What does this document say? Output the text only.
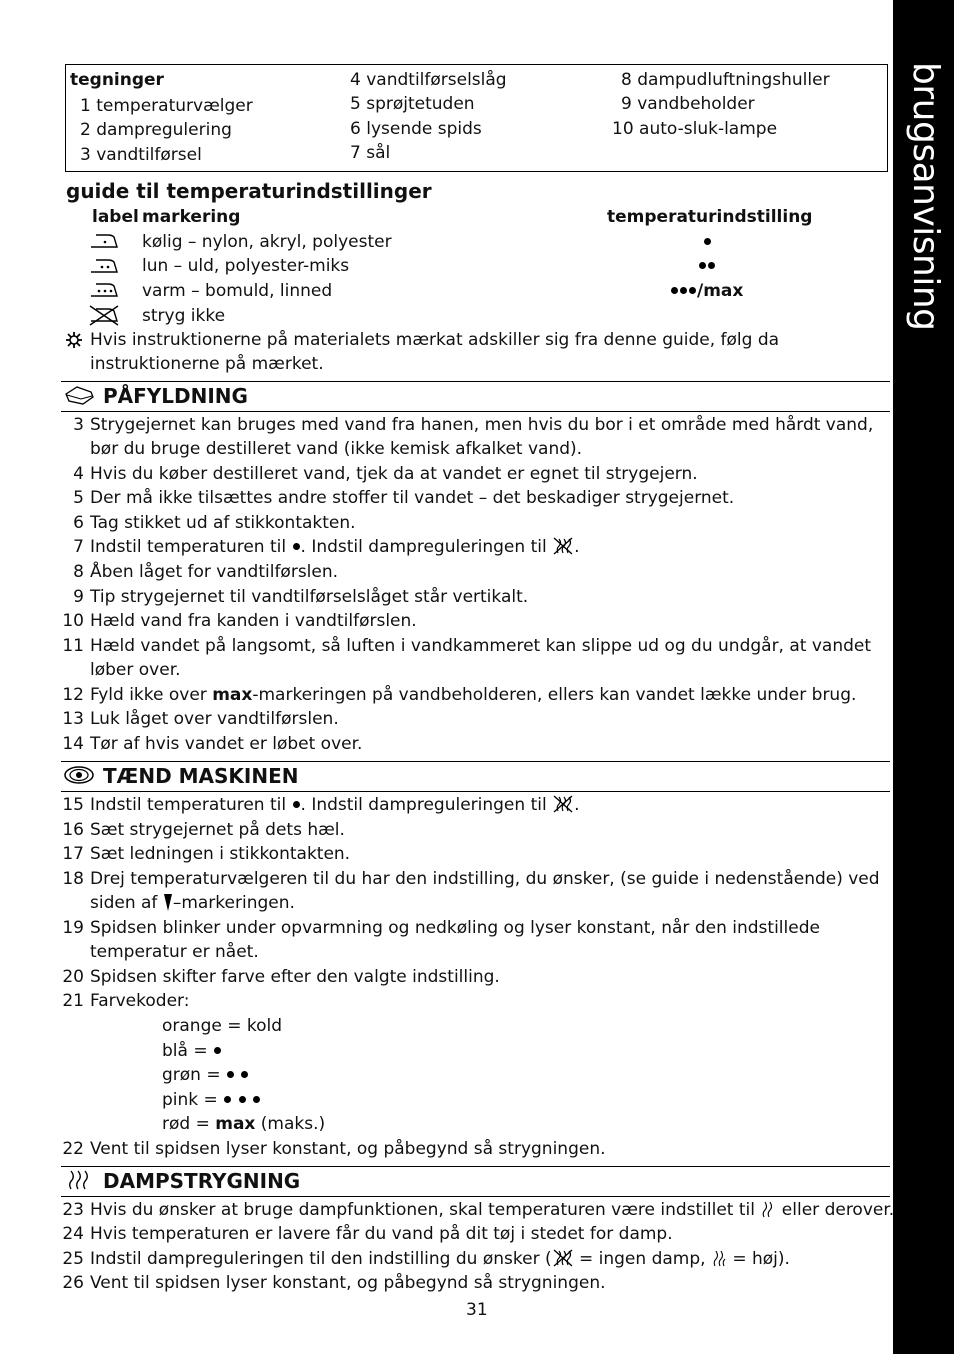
brugsanvisning
tegninger
1 temperaturvælger
2 dampregulering
3 vandtilførsel
4 vandtilførselslåg
5 sprøjtetuden
6 lysende spids
7 sål
8 dampudluftningshuller
9 vandbeholder
10 auto-sluk-lampe
guide til temperaturindstillinger
label markering	temperaturindstilling
kølig – nylon, akryl, polyester
lun – uld, polyester-miks
varm – bomuld, linned
stryg ikke
/max
Hvis instruktionerne på materialets mærkat adskiller sig fra denne guide, følg da
instruktionerne på mærket.
PÅFYLDNING
3 Strygejernet kan bruges med vand fra hanen, men hvis du bor i et område med hårdt vand,
bør du bruge destilleret vand (ikke kemisk afkalket vand).
4 Hvis du køber destilleret vand, tjek da at vandet er egnet til strygejern.
5 Der må ikke tilsættes andre stoffer til vandet – det beskadiger strygejernet.
6 Tag stikket ud af stikkontakten.
7 Indstil temperaturen til . Indstil dampreguleringen til .
8 Åben låget for vandtilførslen.
9 Tip strygejernet til vandtilførselslåget står vertikalt.
10 Hæld vand fra kanden i vandtilførslen.
11 Hæld vandet på langsomt, så luften i vandkammeret kan slippe ud og du undgår, at vandet
løber over.
12 Fyld ikke over max-markeringen på vandbeholderen, ellers kan vandet lække under brug.
13 Luk låget over vandtilførslen.
14 Tør af hvis vandet er løbet over.
TÆND MASKINEN
15 Indstil temperaturen til . Indstil dampreguleringen til .
16 Sæt strygejernet på dets hæl.
17 Sæt ledningen i stikkontakten.
18 Drej temperaturvælgeren til du har den indstilling, du ønsker, (se guide i nedenstående) ved
siden af –markeringen.
19 Spidsen blinker under opvarmning og nedkøling og lyser konstant, når den indstillede
temperatur er nået.
20 Spidsen skifter farve efter den valgte indstilling.
21 Farvekoder:
orange = kold
blå =
grøn =
pink =
rød = max (maks.)
22 Vent til spidsen lyser konstant, og påbegynd så strygningen.
DAMPSTRYGNING
23 Hvis du ønsker at bruge dampfunktionen, skal temperaturen være indstillet til  eller derover.
24 Hvis temperaturen er lavere får du vand på dit tøj i stedet for damp.
25 Indstil dampreguleringen til den indstilling du ønsker ( = ingen damp,  = høj).
26 Vent til spidsen lyser konstant, og påbegynd så strygningen.
31
